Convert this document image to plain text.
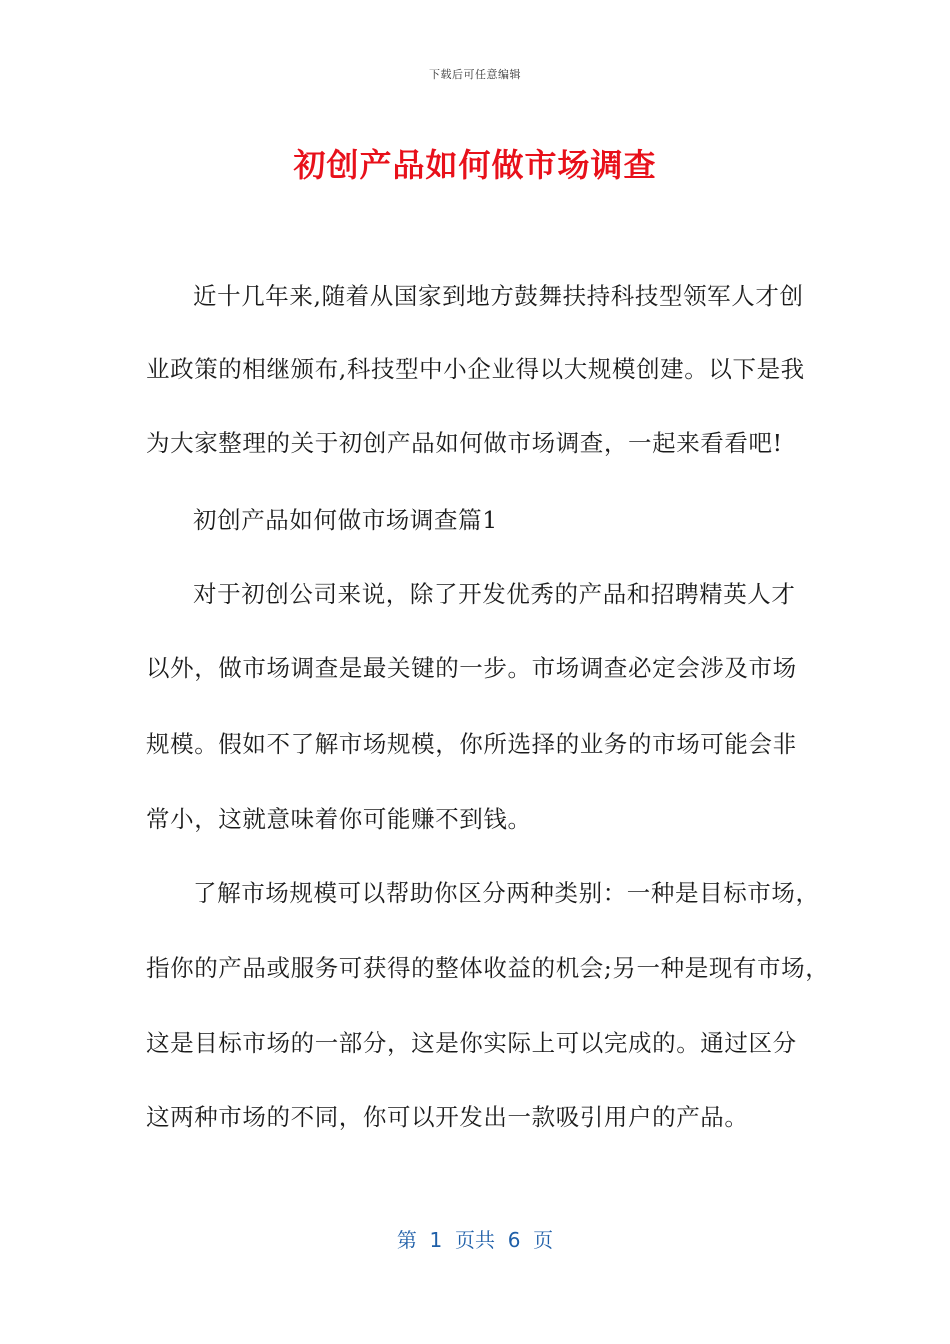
下载后可任意编辑
初创产品如何做市场调查
近十几年来,随着从国家到地方鼓舞扶持科技型领军人才创
业政策的相继颁布,科技型中小企业得以大规模创建。以下是我
为大家整理的关于初创产品如何做市场调查，一起来看看吧!
初创产品如何做市场调查篇1
对于初创公司来说，除了开发优秀的产品和招聘精英人才
以外，做市场调查是最关键的一步。市场调查必定会涉及市场
规模。假如不了解市场规模，你所选择的业务的市场可能会非
常小，这就意味着你可能赚不到钱。
了解市场规模可以帮助你区分两种类别：一种是目标市场，
指你的产品或服务可获得的整体收益的机会;另一种是现有市场，
这是目标市场的一部分，这是你实际上可以完成的。通过区分
这两种市场的不同，你可以开发出一款吸引用户的产品。
第  1  页共  6  页
